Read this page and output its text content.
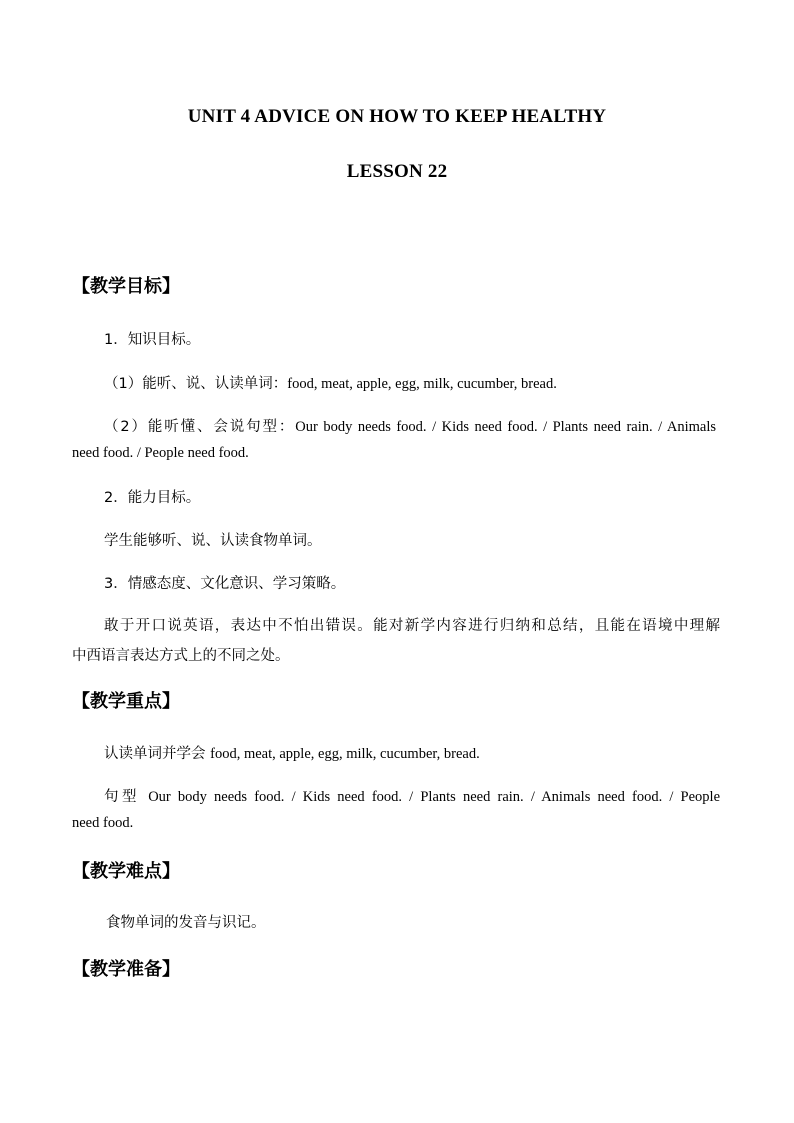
UNIT 4 ADVICE ON HOW TO KEEP HEALTHY
LESSON 22
【教学目标】
1．知识目标。
（1）能听、说、认读单词：food, meat, apple, egg, milk, cucumber, bread.
（2）能听懂、会说句型：Our body needs food. / Kids need food. / Plants need rain. / Animals
need food. / People need food.
2．能力目标。
学生能够听、说、认读食物单词。
3．情感态度、文化意识、学习策略。
敢于开口说英语，表达中不怕出错误。能对新学内容进行归纳和总结，且能在语境中理解
中西语言表达方式上的不同之处。
【教学重点】
认读单词并学会 food, meat, apple, egg, milk, cucumber, bread.
句型 Our body needs food. / Kids need food. / Plants need rain. / Animals need food. / People
need food.
【教学难点】
食物单词的发音与识记。
【教学准备】
